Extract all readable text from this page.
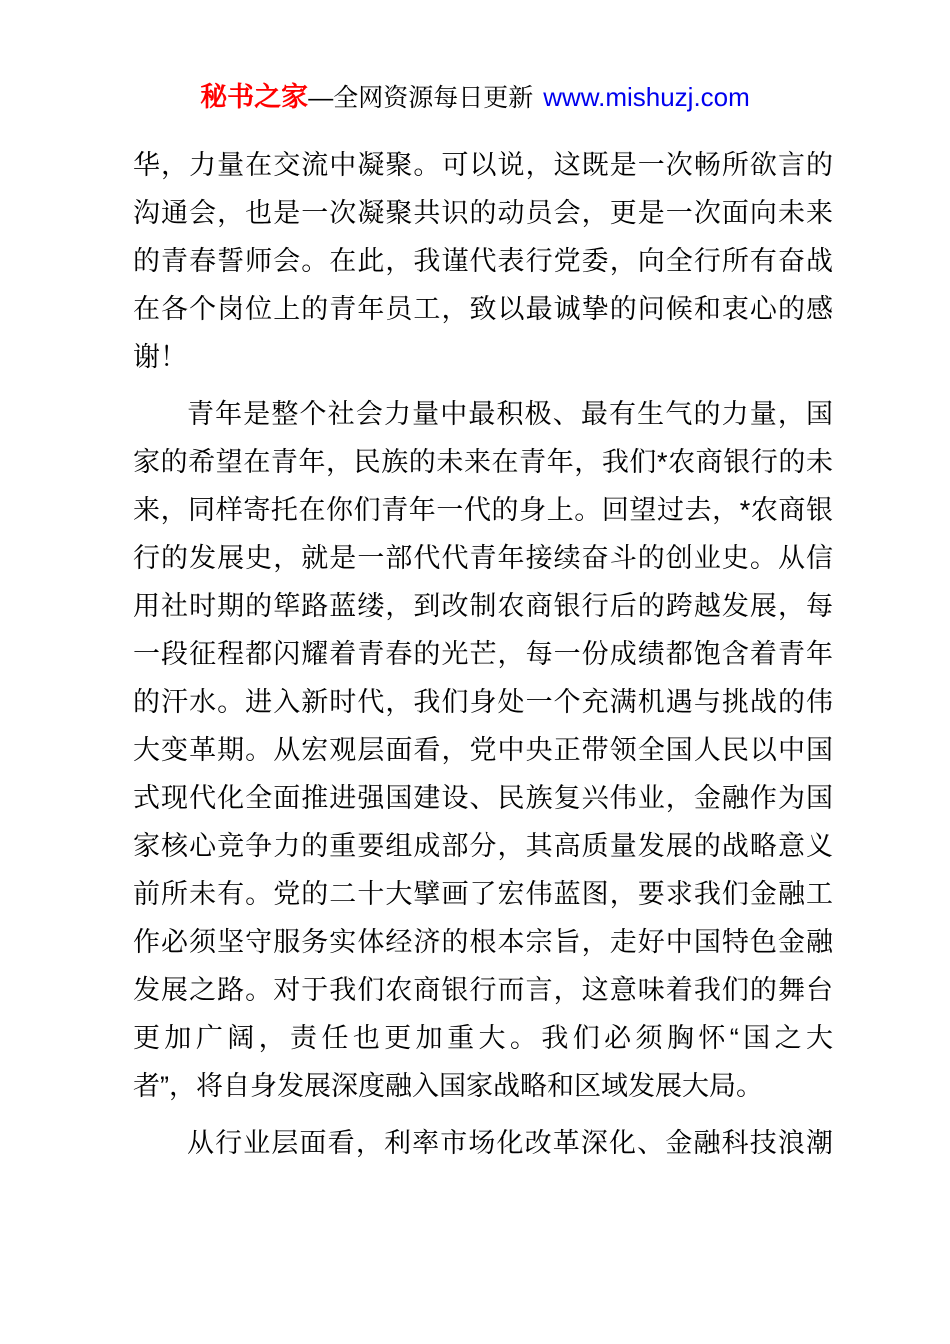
秘书之家—全网资源每日更新 www.mishuzj.com
华，力量在交流中凝聚。可以说，这既是一次畅所欲言的
沟通会，也是一次凝聚共识的动员会，更是一次面向未来
的青春誓师会。在此，我谨代表行党委，向全行所有奋战
在各个岗位上的青年员工，致以最诚挚的问候和衷心的感
谢！
青年是整个社会力量中最积极、最有生气的力量，国
家的希望在青年，民族的未来在青年，我们*农商银行的未
来，同样寄托在你们青年一代的身上。回望过去，*农商银
行的发展史，就是一部代代青年接续奋斗的创业史。从信
用社时期的筚路蓝缕，到改制农商银行后的跨越发展，每
一段征程都闪耀着青春的光芒，每一份成绩都饱含着青年
的汗水。进入新时代，我们身处一个充满机遇与挑战的伟
大变革期。从宏观层面看，党中央正带领全国人民以中国
式现代化全面推进强国建设、民族复兴伟业，金融作为国
家核心竞争力的重要组成部分，其高质量发展的战略意义
前所未有。党的二十大擘画了宏伟蓝图，要求我们金融工
作必须坚守服务实体经济的根本宗旨，走好中国特色金融
发展之路。对于我们农商银行而言，这意味着我们的舞台
更加广阔，责任也更加重大。我们必须胸怀“国之大
者”，将自身发展深度融入国家战略和区域发展大局。
从行业层面看，利率市场化改革深化、金融科技浪潮
